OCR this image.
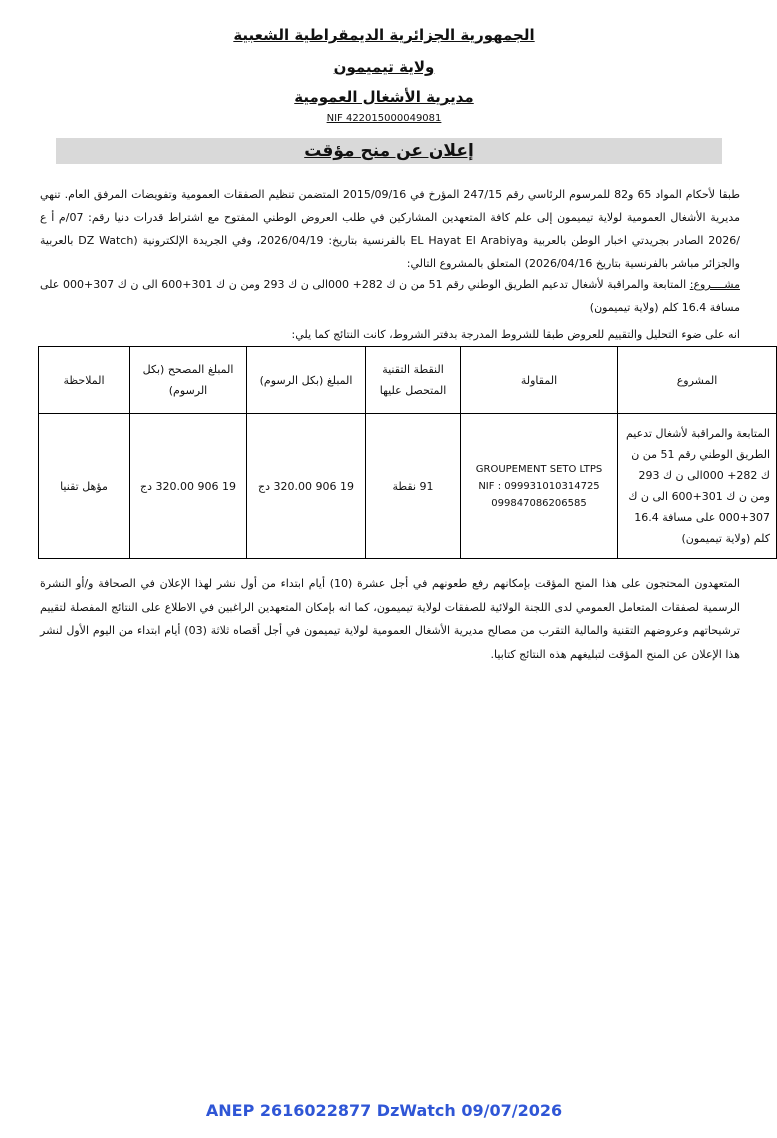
الجمهورية الجزائرية الديمقراطية الشعبية
ولاية تيميمون
مديرية الأشغال العمومية
NIF 422015000049081
إعلان عن منح مؤقت
طبقا لأحكام المواد 65 و82 للمرسوم الرئاسي رقم 247/15 المؤرخ في 2015/09/16 المتضمن تنظيم الصفقات العمومية وتفويضات المرفق العام. تنهي مديرية الأشغال العمومية لولاية تيميمون إلى علم كافة المتعهدين المشاركين في طلب العروض الوطني المفتوح مع اشتراط قدرات دنيا رقم: 07/م أ ع /2026 الصادر بجريدتي اخبار الوطن بالعربية وEL Hayat El Arabiya بالفرنسية بتاريخ: 2026/04/19، وفي الجريدة الإلكترونية (DZ Watch بالعربية والجزائر مباشر بالفرنسية بتاريخ 2026/04/16) المتعلق بالمشروع التالي:
مشــــروع: المتابعة والمراقبة لأشغال تدعيم الطريق الوطني رقم 51 من ن ك 282+ 000الى ن ك 293 ومن ن ك 301+600 الى ن ك 307+000 على مسافة 16.4 كلم (ولاية تيميمون)
انه على ضوء التحليل والتقييم للعروض طبقا للشروط المدرجة بدفتر الشروط، كانت النتائج كما يلي:
المشروع	المقاولة	النقطة التقنية المتحصل عليها	المبلغ (بكل الرسوم)	المبلغ المصحح (بكل الرسوم)	الملاحظة
المتابعة والمراقبة لأشغال تدعيم الطريق الوطني رقم 51 من ن ك 282+ 000الى ن ك 293 ومن ن ك 301+600 الى ن ك 307+000 على مسافة 16.4 كلم (ولاية تيميمون)	GROUPEMENT SETO LTPS
NIF : 099931010314725
099847086206585	91 نقطة	19 906 320.00 دج	19 906 320.00 دج	مؤهل تقنيا
المتعهدون المحتجون على هذا المنح المؤقت بإمكانهم رفع طعونهم في أجل عشرة (10) أيام ابتداء من أول نشر لهذا الإعلان في الصحافة و/أو النشرة الرسمية لصفقات المتعامل العمومي لدى اللجنة الولائية للصفقات لولاية تيميمون، كما انه بإمكان المتعهدين الراغبين في الاطلاع على النتائج المفصلة لتقييم ترشيحاتهم وعروضهم التقنية والمالية التقرب من مصالح مديرية الأشغال العمومية لولاية تيميمون في أجل أقصاه ثلاثة (03) أيام ابتداء من اليوم الأول لنشر هذا الإعلان عن المنح المؤقت لتبليغهم هذه النتائج كتابيا.
ANEP 2616022877 DzWatch 09/07/2026
